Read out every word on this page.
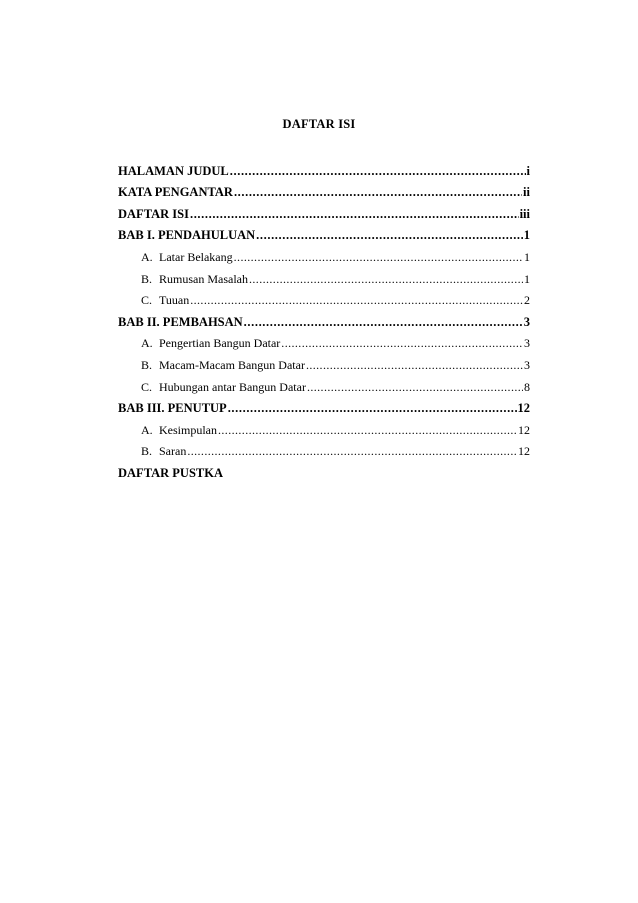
DAFTAR ISI
HALAMAN JUDUL .....	i
KATA PENGANTAR .....	ii
DAFTAR ISI .....	iii
BAB I. PENDAHULUAN .....	1
A. Latar Belakang .....	1
B. Rumusan Masalah .....	1
C. Tuuan .....	2
BAB II. PEMBAHSAN .....	3
A. Pengertian Bangun Datar .....	3
B. Macam-Macam Bangun Datar .....	3
C. Hubungan antar Bangun Datar .....	8
BAB III. PENUTUP .....	12
A. Kesimpulan .....	12
B. Saran .....	12
DAFTAR PUSTKA
